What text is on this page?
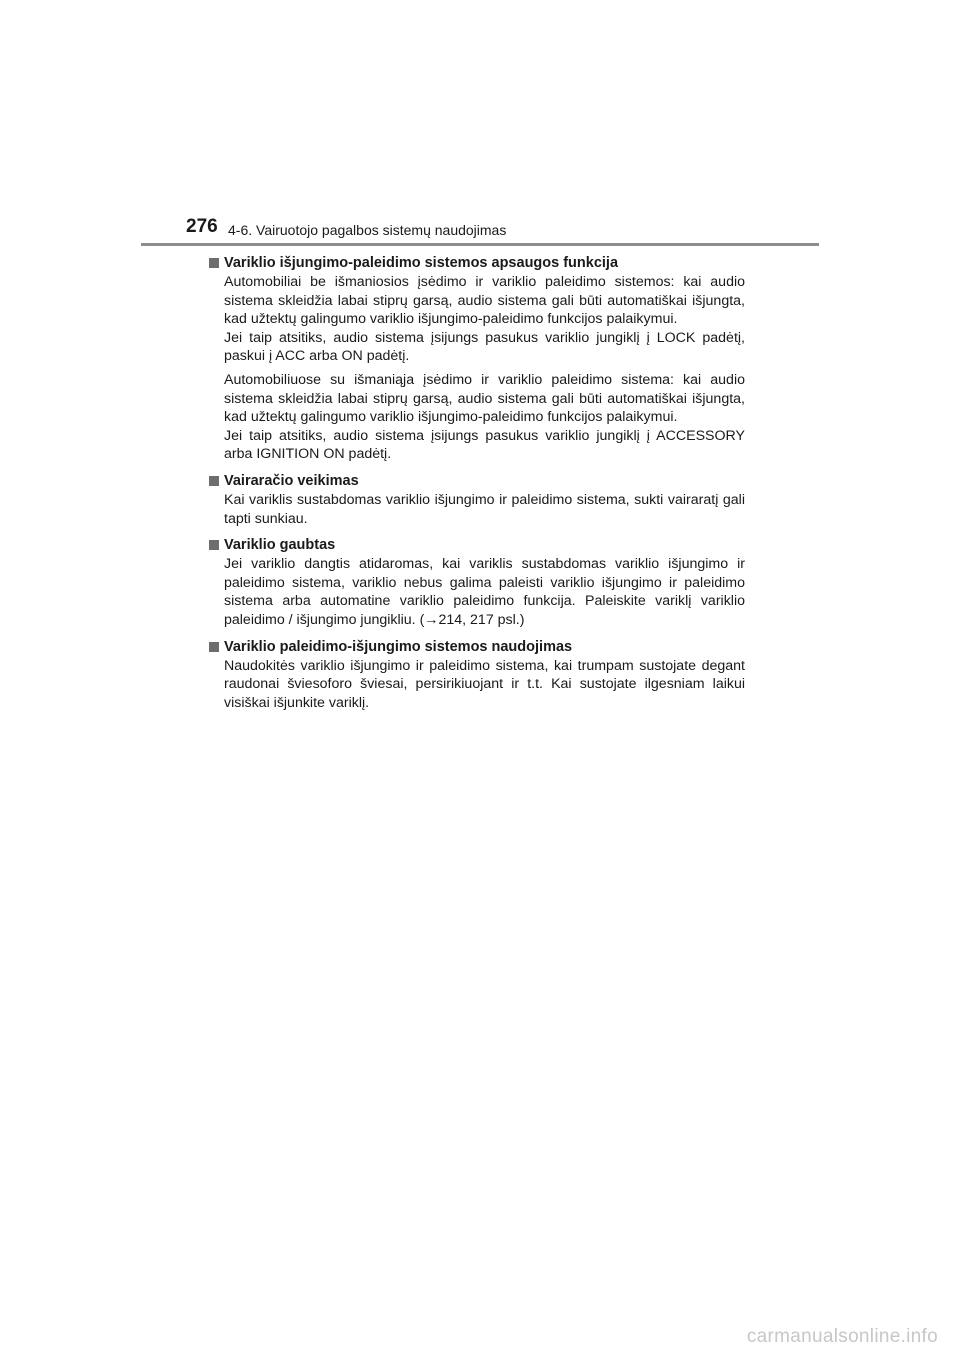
276 4-6. Vairuotojo pagalbos sistemų naudojimas
Variklio išjungimo-paleidimo sistemos apsaugos funkcija
Automobiliai be išmaniosios įsėdimo ir variklio paleidimo sistemos: kai audio sistema skleidžia labai stiprų garsą, audio sistema gali būti automatiškai išjungta, kad užtektų galingumo variklio išjungimo-paleidimo funkcijos palaikymui.
Jei taip atsitiks, audio sistema įsijungs pasukus variklio jungiklį į LOCK padėtį, paskui į ACC arba ON padėtį.
Automobiliuose su išmaniąja įsėdimo ir variklio paleidimo sistema: kai audio sistema skleidžia labai stiprų garsą, audio sistema gali būti automatiškai išjungta, kad užtektų galingumo variklio išjungimo-paleidimo funkcijos palaikymui.
Jei taip atsitiks, audio sistema įsijungs pasukus variklio jungiklį į ACCESSORY arba IGNITION ON padėtį.
Vairaračio veikimas
Kai variklis sustabdomas variklio išjungimo ir paleidimo sistema, sukti vairaratį gali tapti sunkiau.
Variklio gaubtas
Jei variklio dangtis atidaromas, kai variklis sustabdomas variklio išjungimo ir paleidimo sistema, variklio nebus galima paleisti variklio išjungimo ir paleidimo sistema arba automatine variklio paleidimo funkcija. Paleiskite variklį variklio paleidimo / išjungimo jungikliu. (→214, 217 psl.)
Variklio paleidimo-išjungimo sistemos naudojimas
Naudokitės variklio išjungimo ir paleidimo sistema, kai trumpam sustojate degant raudonai šviesoforo šviesai, persirikiuojant ir t.t. Kai sustojate ilgesniam laikui visiškai išjunkite variklį.
carmanualsonline.info
